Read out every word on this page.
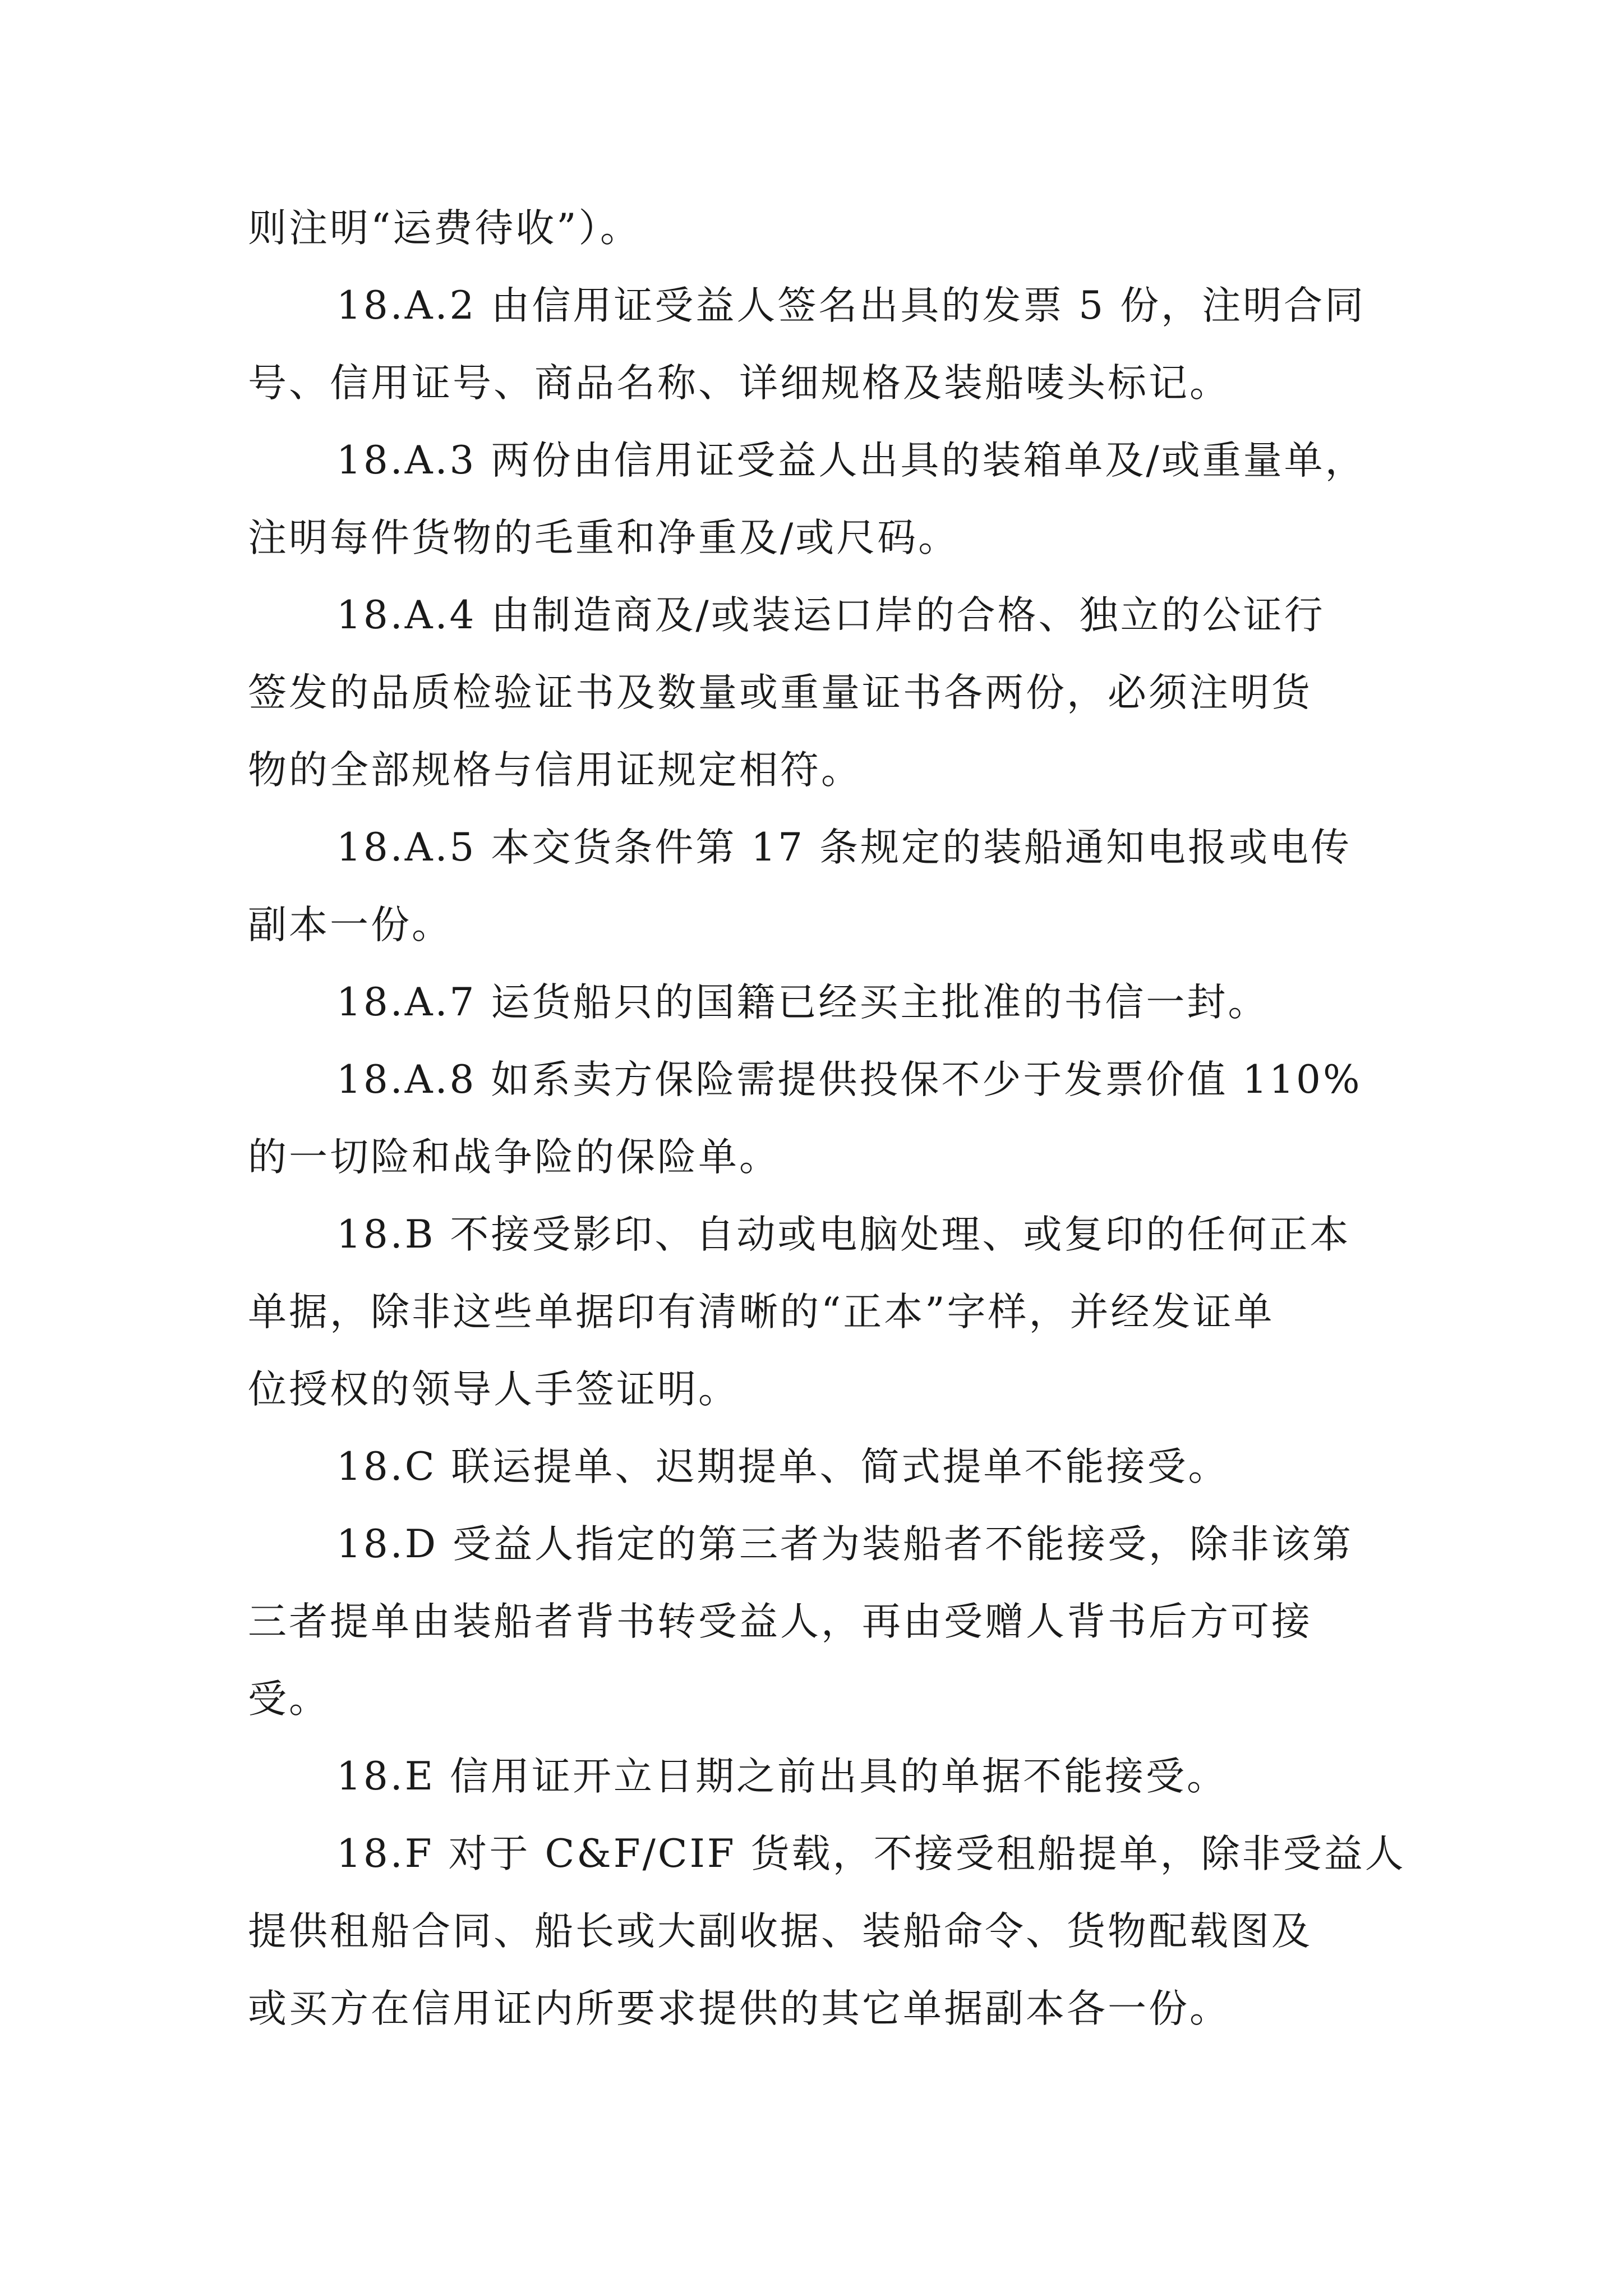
则注明“运费待收”）。

18.A.2 由信用证受益人签名出具的发票 5 份，注明合同
号、信用证号、商品名称、详细规格及装船唛头标记。

18.A.3 两份由信用证受益人出具的装箱单及/或重量单，
注明每件货物的毛重和净重及/或尺码。

18.A.4 由制造商及/或装运口岸的合格、独立的公证行
签发的品质检验证书及数量或重量证书各两份，必须注明货
物的全部规格与信用证规定相符。

18.A.5 本交货条件第 17 条规定的装船通知电报或电传
副本一份。

18.A.7 运货船只的国籍已经买主批准的书信一封。

18.A.8 如系卖方保险需提供投保不少于发票价值 110%
的一切险和战争险的保险单。

18.B 不接受影印、自动或电脑处理、或复印的任何正本
单据，除非这些单据印有清晰的“正本”字样，并经发证单
位授权的领导人手签证明。

18.C 联运提单、迟期提单、简式提单不能接受。

18.D 受益人指定的第三者为装船者不能接受，除非该第
三者提单由装船者背书转受益人，再由受赠人背书后方可接
受。

18.E 信用证开立日期之前出具的单据不能接受。

18.F 对于 C&F/CIF 货载，不接受租船提单，除非受益人
提供租船合同、船长或大副收据、装船命令、货物配载图及
或买方在信用证内所要求提供的其它单据副本各一份。
